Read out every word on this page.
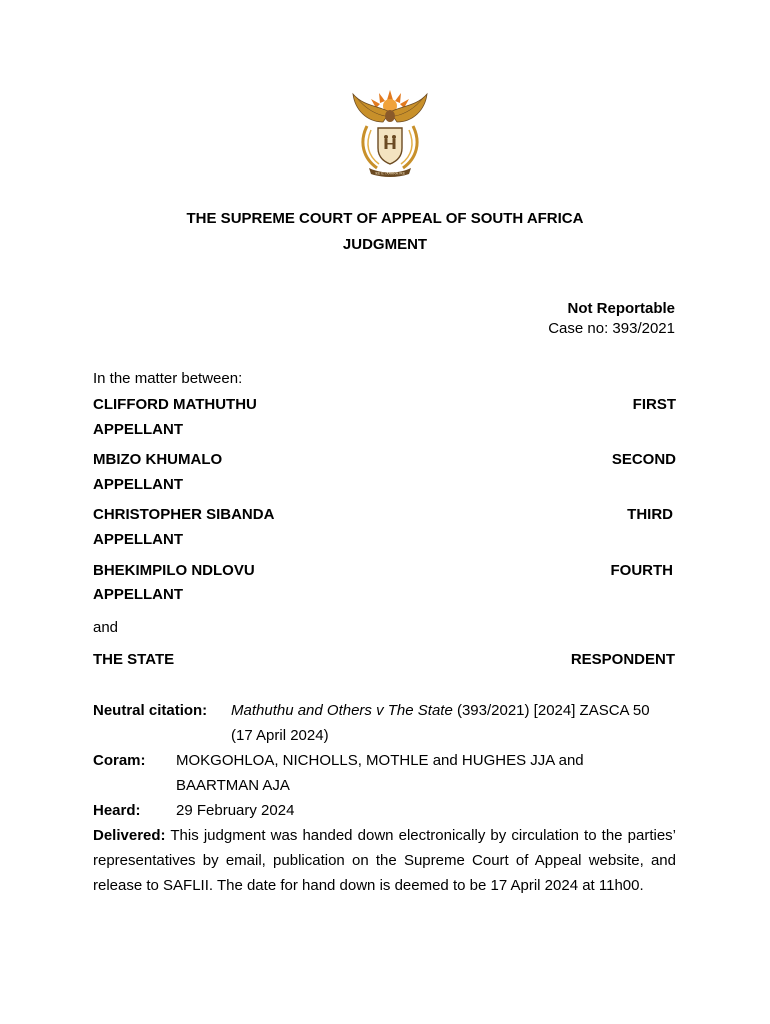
!KE E: /XARRA //KE
THE SUPREME COURT OF APPEAL OF SOUTH AFRICA
JUDGMENT
Not Reportable
Case no: 393/2021
In the matter between:
CLIFFORD MATHUTHU	FIRST
APPELLANT
MBIZO KHUMALO	SECOND
APPELLANT
CHRISTOPHER SIBANDA	THIRD
APPELLANT
BHEKIMPILO NDLOVU	FOURTH
APPELLANT
and
THE STATE	RESPONDENT
Neutral citation: Mathuthu and Others v The State (393/2021) [2024] ZASCA 50
(17 April 2024)
Coram: MOKGOHLOA, NICHOLLS, MOTHLE and HUGHES JJA and
BAARTMAN AJA
Heard: 29 February 2024
Delivered: This judgment was handed down electronically by circulation to the parties’ representatives by email, publication on the Supreme Court of Appeal website, and release to SAFLII. The date for hand down is deemed to be 17 April 2024 at 11h00.
